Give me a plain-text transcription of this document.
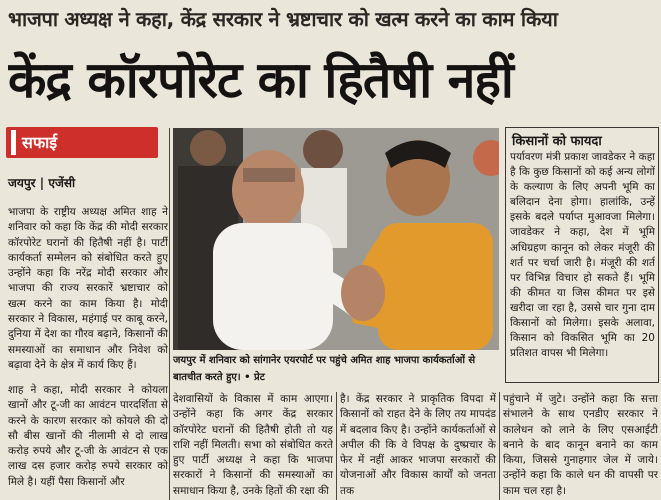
भाजपा अध्यक्ष ने कहा, केंद्र सरकार ने भ्रष्टाचार को खत्म करने का काम किया
केंद्र कॉरपोरेट का हितैषी नहीं
सफाई
जयपुर | एजेंसी
भाजपा के राष्ट्रीय अध्यक्ष अमित शाह ने शनिवार को कहा कि केंद्र की मोदी सरकार कॉरपोरेट घरानों की हितैषी नहीं है। पार्टी कार्यकर्ता सम्मेलन को संबोधित करते हुए उन्होंने कहा कि नरेंद्र मोदी सरकार और भाजपा की राज्य सरकारें भ्रष्टाचार को खत्म करने का काम किया है। मोदी सरकार ने विकास, महंगाई पर काबू करने, दुनिया में देश का गौरव बढ़ाने, किसानों की समस्याओं का समाधान और निवेश को बढ़ावा देने के क्षेत्र में कार्य किए हैं।
शाह ने कहा, मोदी सरकार ने कोयला खानों और टू-जी का आवंटन पारदर्शिता से करने के कारण सरकार को कोयले की दो सौ बीस खानों की नीलामी से दो लाख करोड़ रुपये और टू-जी के आवंटन से एक लाख दस हजार करोड़ रुपये सरकार को मिले है। यहीं पैसा किसानों और
जयपुर में शनिवार को सांगानेर एयरपोर्ट पर पहुंचे अमित शाह भाजपा कार्यकर्ताओं से बातचीत करते हुए। • प्रेट
किसानों को फायदा
पर्यावरण मंत्री प्रकाश जावडेकर ने कहा है कि कुछ किसानों को कई अन्य लोगों के कल्याण के लिए अपनी भूमि का बलिदान देना होगा। हालांकि, उन्हें इसके बदले पर्याप्त मुआवजा मिलेगा। जावडेकर ने कहा, देश में भूमि अधिग्रहण कानून को लेकर मंजूरी की शर्त पर चर्चा जारी है। मंजूरी की शर्त पर विभिन्न विचार हो सकते हैं। भूमि की कीमत या जिस कीमत पर इसे खरीदा जा रहा है, उससे चार गुना दाम किसानों को मिलेगा। इसके अलावा, किसान को विकसित भूमि का 20 प्रतिशत वापस भी मिलेगा।
देशवासियों के विकास में काम आएगा। उन्होंने कहा कि अगर केंद्र सरकार कॉरपोरेट घरानों की हितैषी होती तो यह राशि नहीं मिलती। सभा को संबोधित करते हुए पार्टी अध्यक्ष ने कहा कि भाजपा सरकारों ने किसानों की समस्याओं का समाधान किया है, उनके हितों की रक्षा की
है। केंद्र सरकार ने प्राकृतिक विपदा में किसानों को राहत देने के लिए तय मापदंड में बदलाव किए है। उन्होंने कार्यकर्ताओं से अपील की कि वे विपक्ष के दुष्प्रचार के फेर में नहीं आकर भाजपा सरकारों की योजनाओं और विकास कार्यों को जनता तक
पहुंचाने में जुटे। उन्होंने कहा कि सत्ता संभालने के साथ एनडीए सरकार ने कालेधन को लाने के लिए एसआईटी बनाने के बाद कानून बनाने का काम किया, जिससे गुनाहगार जेल में जाये। उन्होंने कहा कि काले धन की वापसी पर काम चल रहा है।
